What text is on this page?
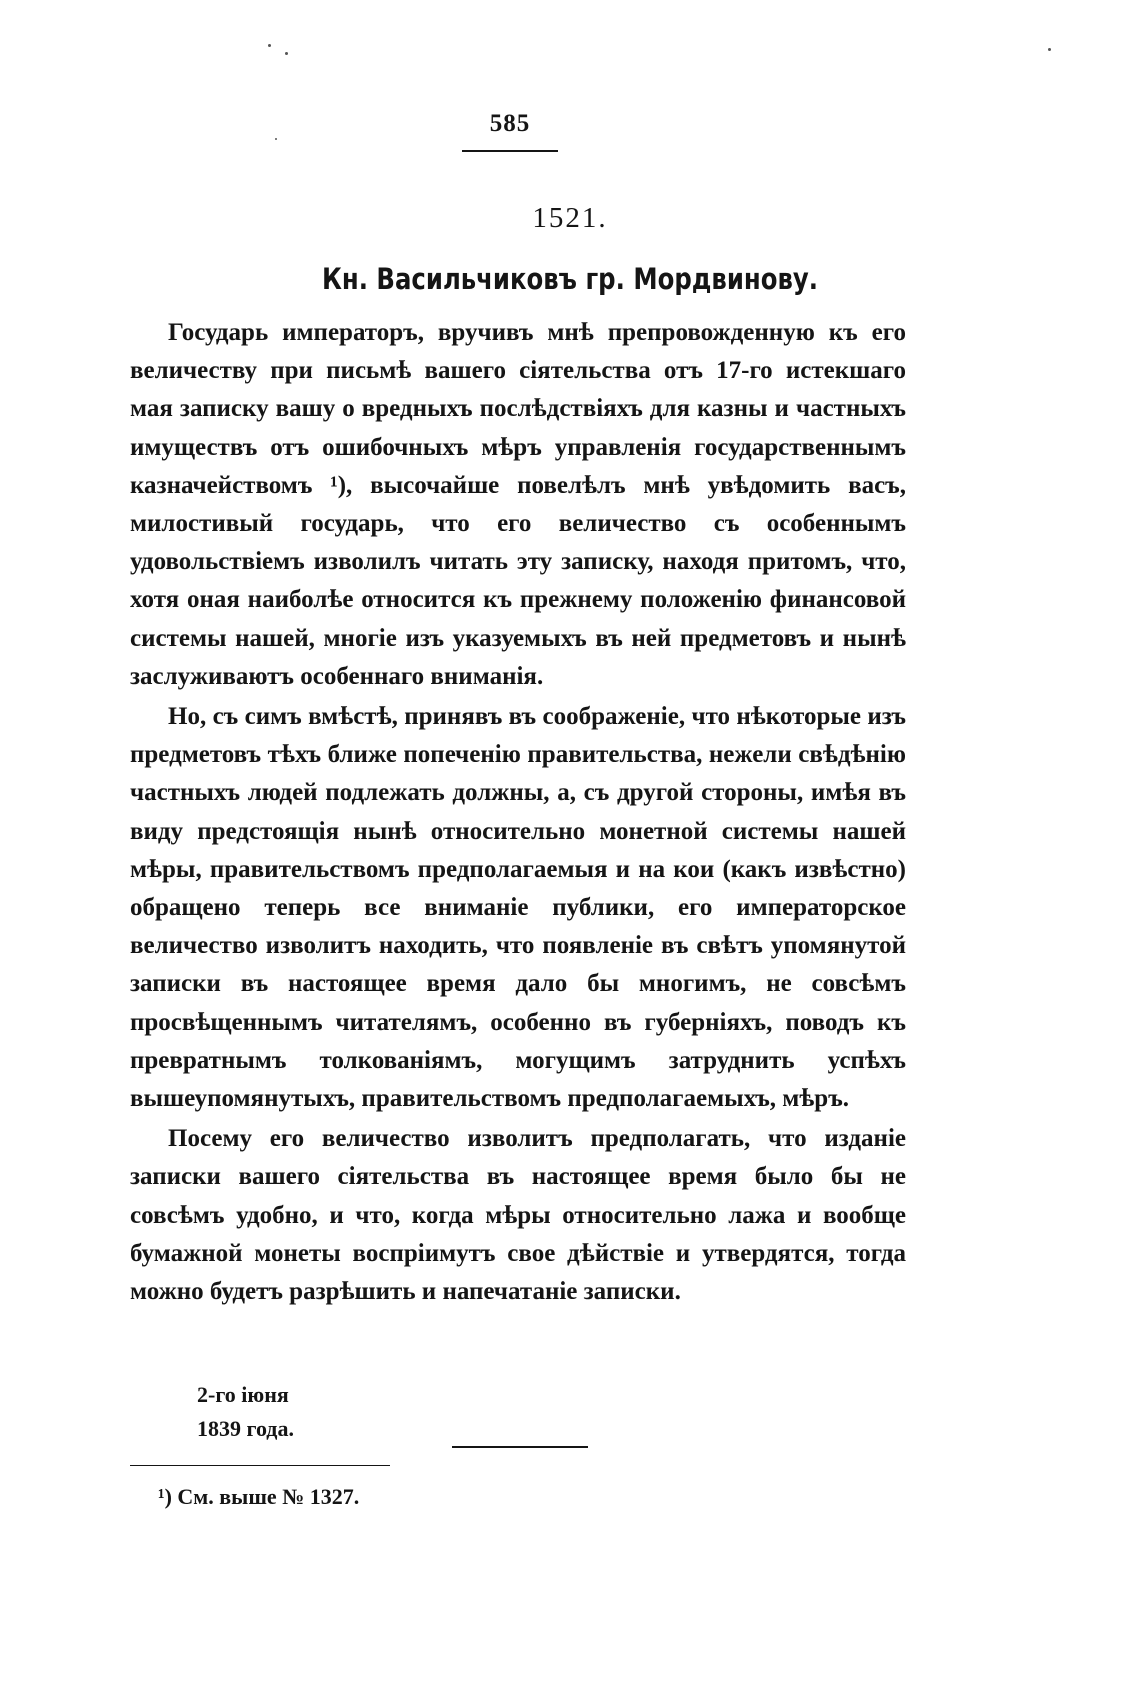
585
1521.
Кн. Васильчиковъ гр. Мордвинову.

Государь императоръ, вручивъ мнѣ препровожденную къ его величеству при письмѣ вашего сіятельства отъ 17-го истекшаго мая записку вашу о вредныхъ послѣдствіяхъ для казны и частныхъ имуществъ отъ ошибочныхъ мѣръ управленія государственнымъ казначействомъ ¹), высочайше повелѣлъ мнѣ увѣдомить васъ, милостивый государь, что его величество съ особеннымъ удовольствіемъ изволилъ читать эту записку, находя притомъ, что, хотя оная наиболѣе относится къ прежнему положенію финансовой системы нашей, многіе изъ указуемыхъ въ ней предметовъ и нынѣ заслуживаютъ особеннаго вниманія.

Но, съ симъ вмѣстѣ, принявъ въ соображеніе, что нѣкоторые изъ предметовъ тѣхъ ближе попеченію правительства, нежели свѣдѣнію частныхъ людей подлежать должны, а, съ другой стороны, имѣя въ виду предстоящія нынѣ относительно монетной системы нашей мѣры, правительствомъ предполагаемыя и на кои (какъ извѣстно) обращено теперь все вниманіе публики, его императорское величество изволитъ находить, что появленіе въ свѣтъ упомянутой записки въ настоящее время дало бы многимъ, не совсѣмъ просвѣщеннымъ читателямъ, особенно въ губерніяхъ, поводъ къ превратнымъ толкованіямъ, могущимъ затруднить успѣхъ вышеупомянутыхъ, правительствомъ предполагаемыхъ, мѣръ.

Посему его величество изволитъ предполагать, что изданіе записки вашего сіятельства въ настоящее время было бы не совсѣмъ удобно, и что, когда мѣры относительно лажа и вообще бумажной монеты воспріимутъ свое дѣйствіе и утвердятся, тогда можно будетъ разрѣшить и напечатаніе записки.

2-го іюня
1839 года.
¹) См. выше № 1327.
